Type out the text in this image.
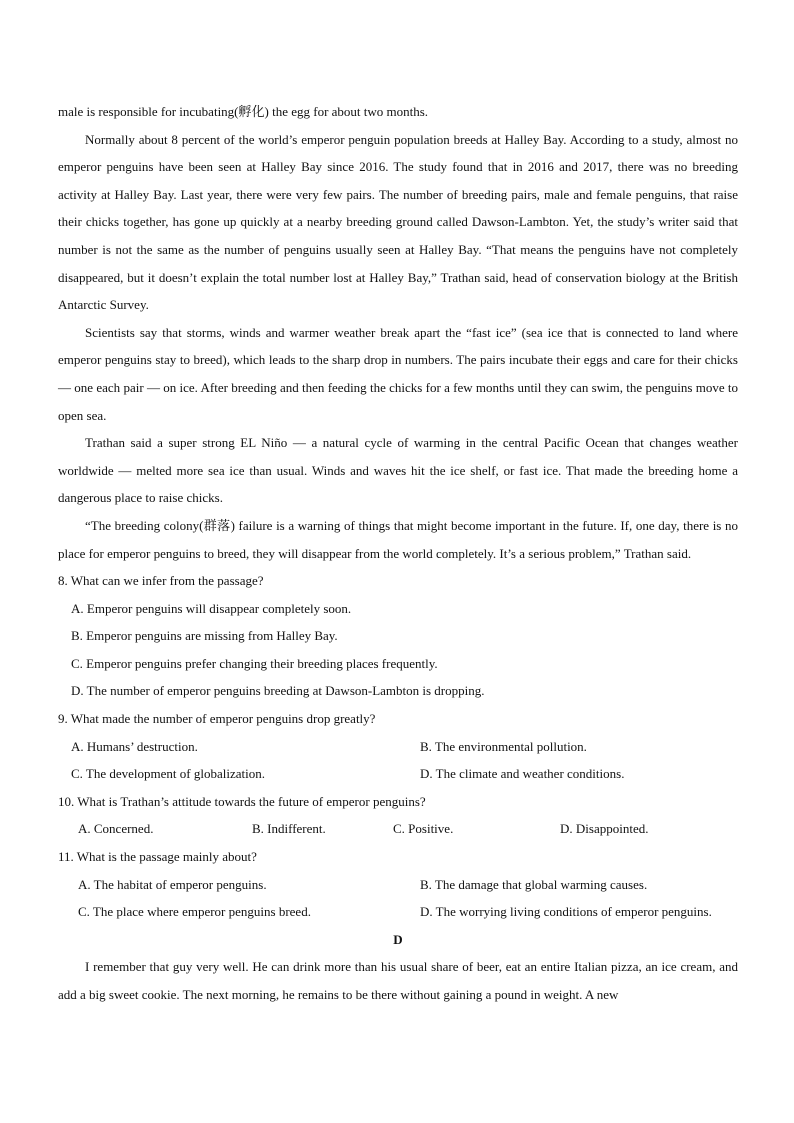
male is responsible for incubating(孵化) the egg for about two months.

Normally about 8 percent of the world’s emperor penguin population breeds at Halley Bay. According to a study, almost no emperor penguins have been seen at Halley Bay since 2016. The study found that in 2016 and 2017, there was no breeding activity at Halley Bay. Last year, there were very few pairs. The number of breeding pairs, male and female penguins, that raise their chicks together, has gone up quickly at a nearby breeding ground called Dawson-Lambton. Yet, the study’s writer said that number is not the same as the number of penguins usually seen at Halley Bay. “That means the penguins have not completely disappeared, but it doesn’t explain the total number lost at Halley Bay,” Trathan said, head of conservation biology at the British Antarctic Survey.

Scientists say that storms, winds and warmer weather break apart the “fast ice” (sea ice that is connected to land where emperor penguins stay to breed), which leads to the sharp drop in numbers. The pairs incubate their eggs and care for their chicks — one each pair — on ice. After breeding and then feeding the chicks for a few months until they can swim, the penguins move to open sea.

Trathan said a super strong EL Niño — a natural cycle of warming in the central Pacific Ocean that changes weather worldwide — melted more sea ice than usual. Winds and waves hit the ice shelf, or fast ice. That made the breeding home a dangerous place to raise chicks.

“The breeding colony(群落) failure is a warning of things that might become important in the future. If, one day, there is no place for emperor penguins to breed, they will disappear from the world completely. It’s a serious problem,” Trathan said.

8. What can we infer from the passage?

A. Emperor penguins will disappear completely soon.
B. Emperor penguins are missing from Halley Bay.
C. Emperor penguins prefer changing their breeding places frequently.
D. The number of emperor penguins breeding at Dawson-Lambton is dropping.

9. What made the number of emperor penguins drop greatly?

A. Humans’ destruction.	B. The environmental pollution.
C. The development of globalization.	D. The climate and weather conditions.

10. What is Trathan’s attitude towards the future of emperor penguins?

A. Concerned.	B. Indifferent.	C. Positive.	D. Disappointed.

11. What is the passage mainly about?

A. The habitat of emperor penguins.	B. The damage that global warming causes.
C. The place where emperor penguins breed.	D. The worrying living conditions of emperor penguins.

D

I remember that guy very well. He can drink more than his usual share of beer, eat an entire Italian pizza, an ice cream, and add a big sweet cookie. The next morning, he remains to be there without gaining a pound in weight. A new
